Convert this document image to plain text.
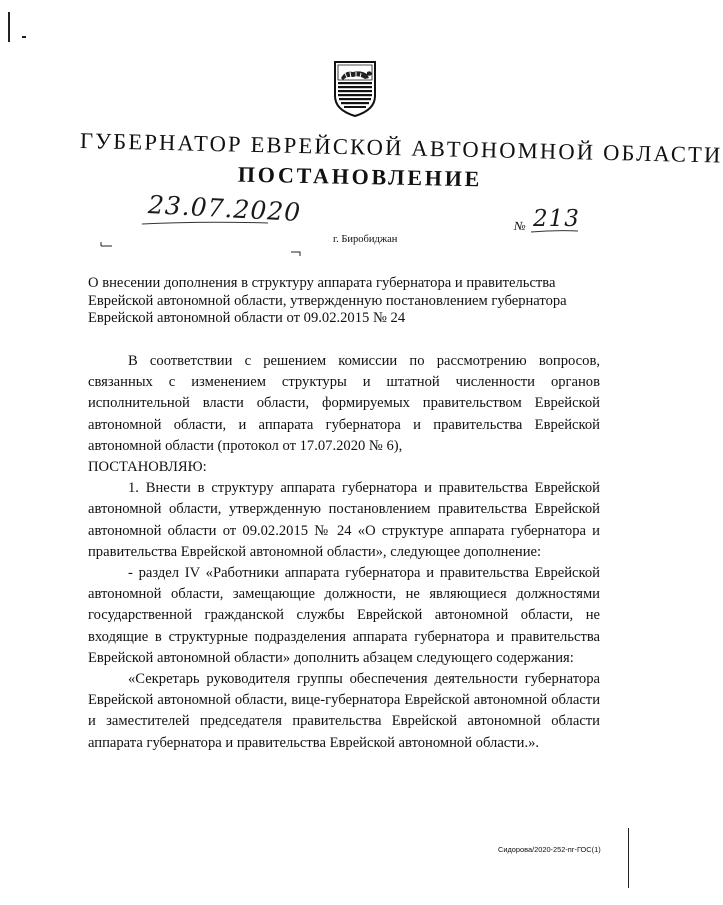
ГУБЕРНАТОР ЕВРЕЙСКОЙ АВТОНОМНОЙ ОБЛАСТИ
ПОСТАНОВЛЕНИЕ
23.07.2020	№ 213
г. Биробиджан
О внесении дополнения в структуру аппарата губернатора и правительства Еврейской автономной области, утвержденную постановлением губернатора Еврейской автономной области от 09.02.2015 № 24

В соответствии с решением комиссии по рассмотрению вопросов, связанных с изменением структуры и штатной численности органов исполнительной власти области, формируемых правительством Еврейской автономной области, и аппарата губернатора и правительства Еврейской автономной области (протокол от 17.07.2020 № 6),

ПОСТАНОВЛЯЮ:

1. Внести в структуру аппарата губернатора и правительства Еврейской автономной области, утвержденную постановлением правительства Еврейской автономной области от 09.02.2015 № 24 «О структуре аппарата губернатора и правительства Еврейской автономной области», следующее дополнение:

- раздел IV «Работники аппарата губернатора и правительства Еврейской автономной области, замещающие должности, не являющиеся должностями государственной гражданской службы Еврейской автономной области, не входящие в структурные подразделения аппарата губернатора и правительства Еврейской автономной области» дополнить абзацем следующего содержания:

«Секретарь руководителя группы обеспечения деятельности губернатора Еврейской автономной области, вице-губернатора Еврейской автономной области и заместителей председателя правительства Еврейской автономной области аппарата губернатора и правительства Еврейской автономной области.».

Сидорова/2020-252-пг-ГОС(1)
